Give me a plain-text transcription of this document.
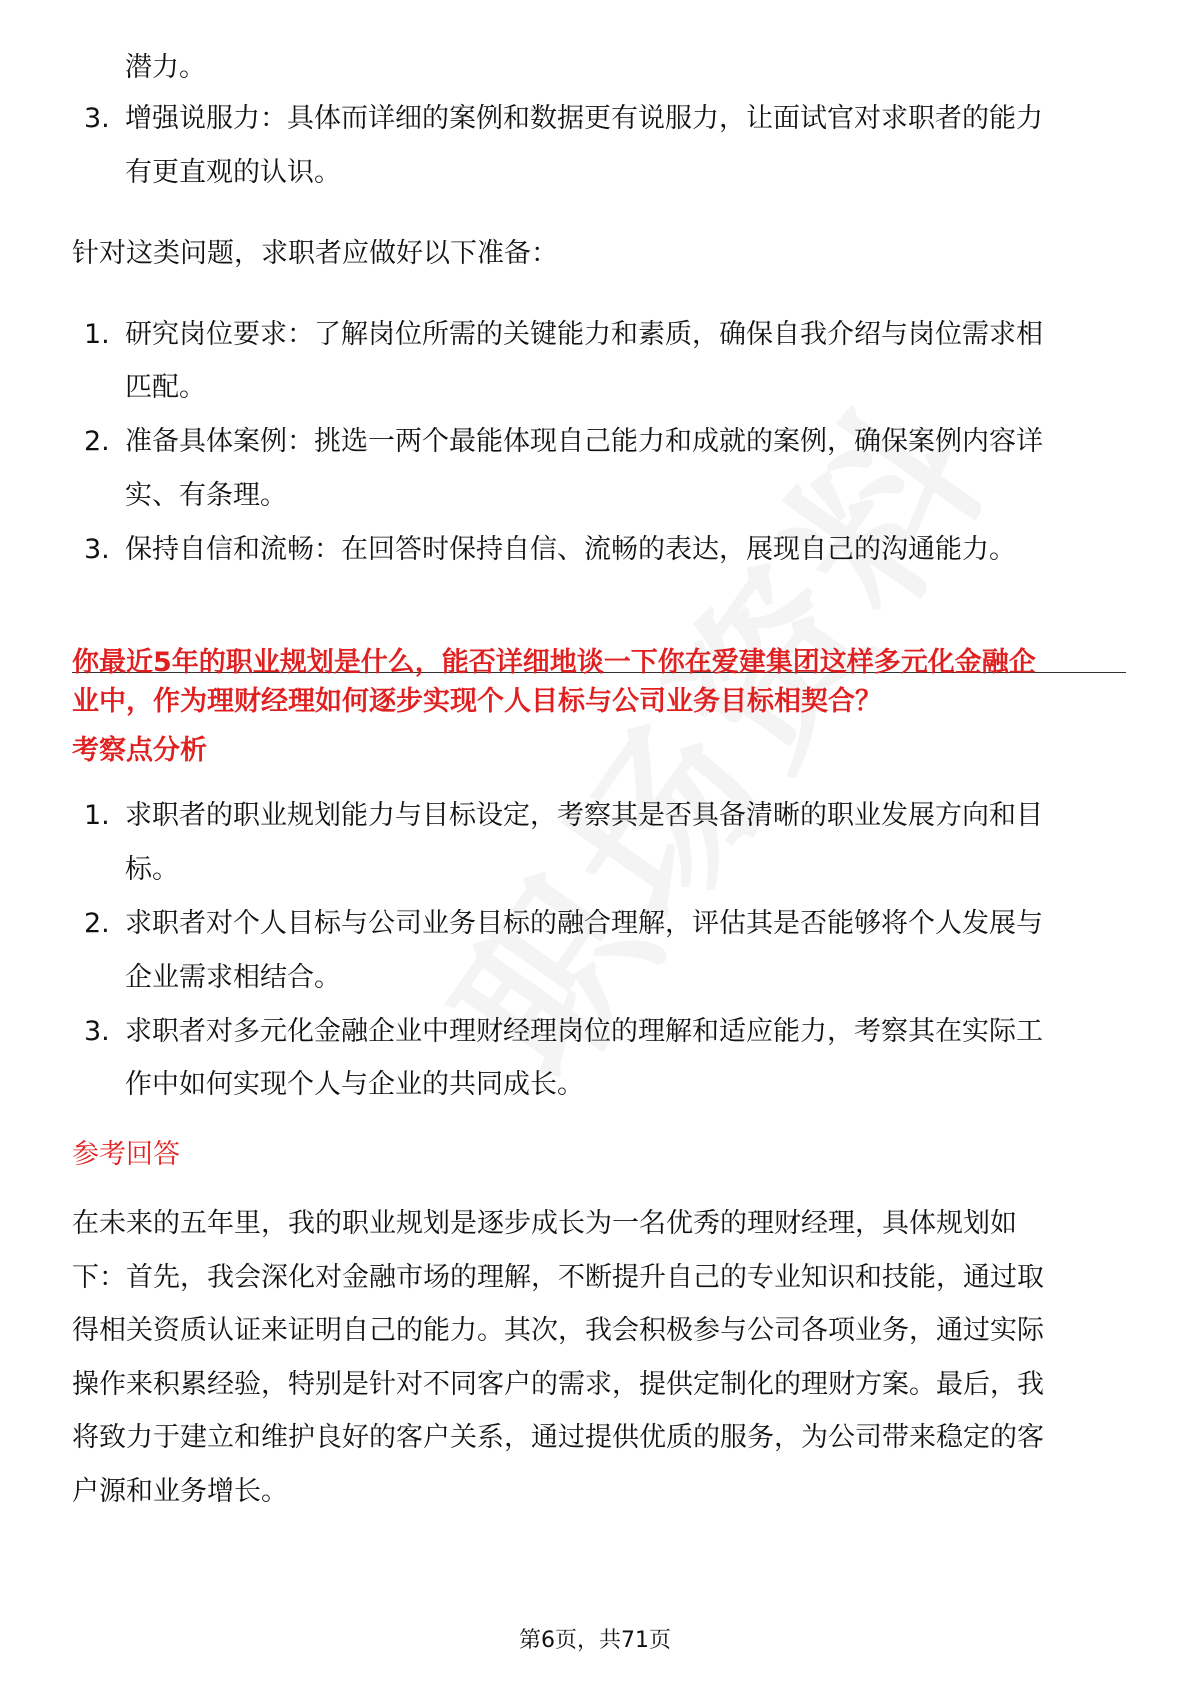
潜力。
3. 增强说服力：具体而详细的案例和数据更有说服力，让面试官对求职者的能力
有更直观的认识。
针对这类问题，求职者应做好以下准备：
1. 研究岗位要求：了解岗位所需的关键能力和素质，确保自我介绍与岗位需求相
匹配。
2. 准备具体案例：挑选一两个最能体现自己能力和成就的案例，确保案例内容详
实、有条理。
3. 保持自信和流畅：在回答时保持自信、流畅的表达，展现自己的沟通能力。
你最近5年的职业规划是什么，能否详细地谈一下你在爱建集团这样多元化金融企
业中，作为理财经理如何逐步实现个人目标与公司业务目标相契合？
考察点分析
1. 求职者的职业规划能力与目标设定，考察其是否具备清晰的职业发展方向和目
标。
2. 求职者对个人目标与公司业务目标的融合理解，评估其是否能够将个人发展与
企业需求相结合。
3. 求职者对多元化金融企业中理财经理岗位的理解和适应能力，考察其在实际工
作中如何实现个人与企业的共同成长。
参考回答
在未来的五年里，我的职业规划是逐步成长为一名优秀的理财经理，具体规划如
下：首先，我会深化对金融市场的理解，不断提升自己的专业知识和技能，通过取
得相关资质认证来证明自己的能力。其次，我会积极参与公司各项业务，通过实际
操作来积累经验，特别是针对不同客户的需求，提供定制化的理财方案。最后，我
将致力于建立和维护良好的客户关系，通过提供优质的服务，为公司带来稳定的客
户源和业务增长。
第6页，共71页
